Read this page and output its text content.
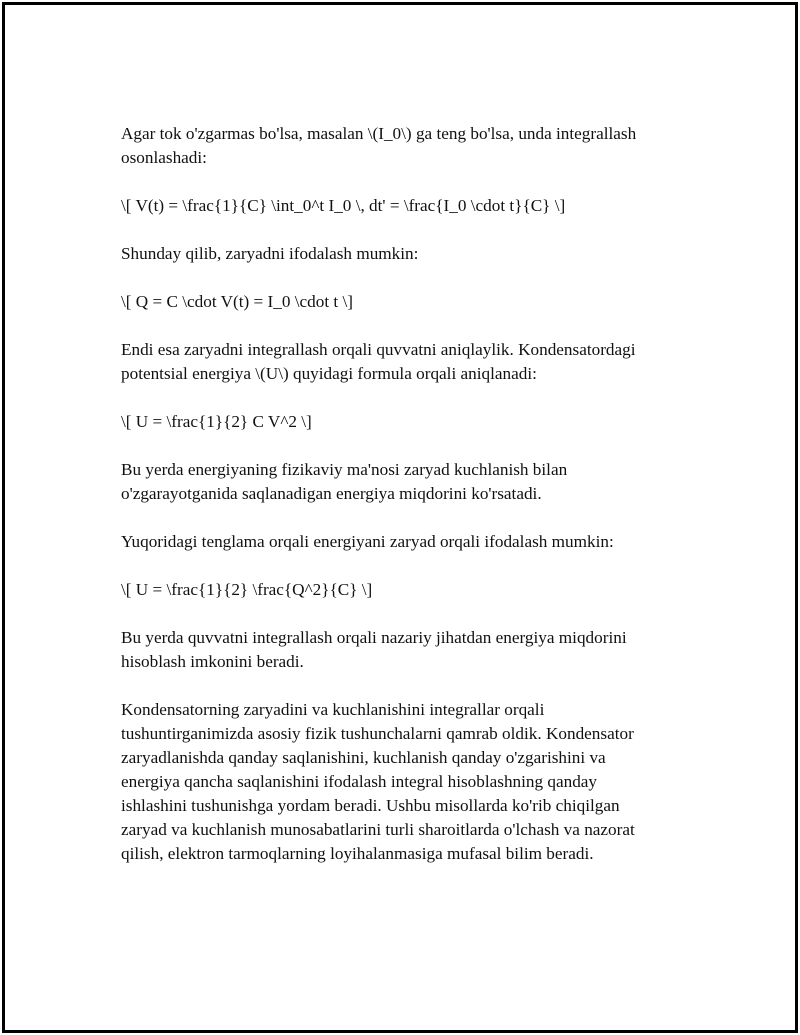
Agar tok o'zgarmas bo'lsa, masalan \(I_0\) ga teng bo'lsa, unda integrallash
osonlashadi:
\[ V(t) = \frac{1}{C} \int_0^t I_0 \, dt' = \frac{I_0 \cdot t}{C} \]
Shunday qilib, zaryadni ifodalash mumkin:
\[ Q = C \cdot V(t) = I_0 \cdot t \]
Endi esa zaryadni integrallash orqali quvvatni aniqlaylik. Kondensatordagi
potentsial energiya \(U\) quyidagi formula orqali aniqlanadi:
\[ U = \frac{1}{2} C V^2 \]
Bu yerda energiyaning fizikaviy ma'nosi zaryad kuchlanish bilan
o'zgarayotganida saqlanadigan energiya miqdorini ko'rsatadi.
Yuqoridagi tenglama orqali energiyani zaryad orqali ifodalash mumkin:
\[ U = \frac{1}{2} \frac{Q^2}{C} \]
Bu yerda quvvatni integrallash orqali nazariy jihatdan energiya miqdorini
hisoblash imkonini beradi.
Kondensatorning zaryadini va kuchlanishini integrallar orqali
tushuntirganimizda asosiy fizik tushunchalarni qamrab oldik. Kondensator
zaryadlanishda qanday saqlanishini, kuchlanish qanday o'zgarishini va
energiya qancha saqlanishini ifodalash integral hisoblashning qanday
ishlashini tushunishga yordam beradi. Ushbu misollarda ko'rib chiqilgan
zaryad va kuchlanish munosabatlarini turli sharoitlarda o'lchash va nazorat
qilish, elektron tarmoqlarning loyihalanmasiga mufasal bilim beradi.
